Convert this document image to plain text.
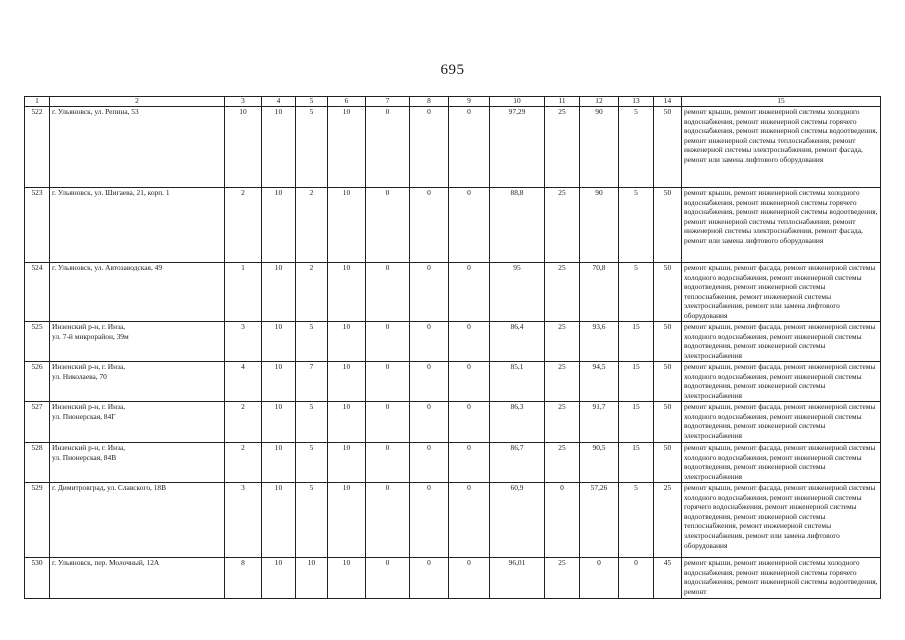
695
1	2	3	4	5	6	7	8	9	10	11	12	13	14	15
522	г. Ульяновск, ул. Репина, 53	10	10	5	10	0	0	0	97,29	25	90	5	50	ремонт крыши, ремонт инженерной системы холодного водоснабжения, ремонт инженерной системы горячего водоснабжения, ремонт инженерной системы водоотведения, ремонт инженерной системы теплоснабжения, ремонт инженерной системы электроснабжения, ремонт фасада, ремонт или замена лифтового оборудования
523	г. Ульяновск, ул. Шигаева, 21, корп. 1	2	10	2	10	0	0	0	88,8	25	90	5	50	ремонт крыши, ремонт инженерной системы холодного водоснабжения, ремонт инженерной системы горячего водоснабжения, ремонт инженерной системы водоотведения, ремонт инженерной системы теплоснабжения, ремонт инженерной системы электроснабжения, ремонт фасада, ремонт или замена лифтового оборудования
524	г. Ульяновск, ул. Автозаводская, 49	1	10	2	10	0	0	0	95	25	70,8	5	50	ремонт крыши, ремонт фасада, ремонт инженерной системы холодного водоснабжения, ремонт инженерной системы водоотведения, ремонт инженерной системы теплоснабжения, ремонт инженерной системы электроснабжения, ремонт или замена лифтового оборудования
525	Инзенский р-н, г. Инза,
ул. 7-й микрорайон, 39м	3	10	5	10	0	0	0	86,4	25	93,6	15	50	ремонт крыши, ремонт фасада, ремонт инженерной системы холодного водоснабжения, ремонт инженерной системы водоотведения, ремонт инженерной системы электроснабжения
526	Инзенский р-н, г. Инза,
ул. Николаева, 70	4	10	7	10	0	0	0	85,1	25	94,5	15	50	ремонт крыши, ремонт фасада, ремонт инженерной системы холодного водоснабжения, ремонт инженерной системы водоотведения, ремонт инженерной системы электроснабжения
527	Инзенский р-н, г. Инза,
ул. Пионерская, 84Г	2	10	5	10	0	0	0	86,3	25	91,7	15	50	ремонт крыши, ремонт фасада, ремонт инженерной системы холодного водоснабжения, ремонт инженерной системы водоотведения, ремонт инженерной системы электроснабжения
528	Инзенский р-н, г. Инза,
ул. Пионерская, 84В	2	10	5	10	0	0	0	86,7	25	90,5	15	50	ремонт крыши, ремонт фасада, ремонт инженерной системы холодного водоснабжения, ремонт инженерной системы водоотведения, ремонт инженерной системы электроснабжения
529	г. Димитровград, ул. Славского, 18В	3	10	5	10	0	0	0	60,9	0	57,26	5	25	ремонт крыши, ремонт фасада, ремонт инженерной системы холодного водоснабжения, ремонт инженерной системы горячего водоснабжения, ремонт инженерной системы водоотведения, ремонт инженерной системы теплоснабжения, ремонт инженерной системы электроснабжения, ремонт или замена лифтового оборудования
530	г. Ульяновск, пер. Молочный, 12А	8	10	10	10	0	0	0	96,01	25	0	0	45	ремонт крыши, ремонт инженерной системы холодного водоснабжения, ремонт инженерной системы горячего водоснабжения, ремонт инженерной системы водоотведения, ремонт
